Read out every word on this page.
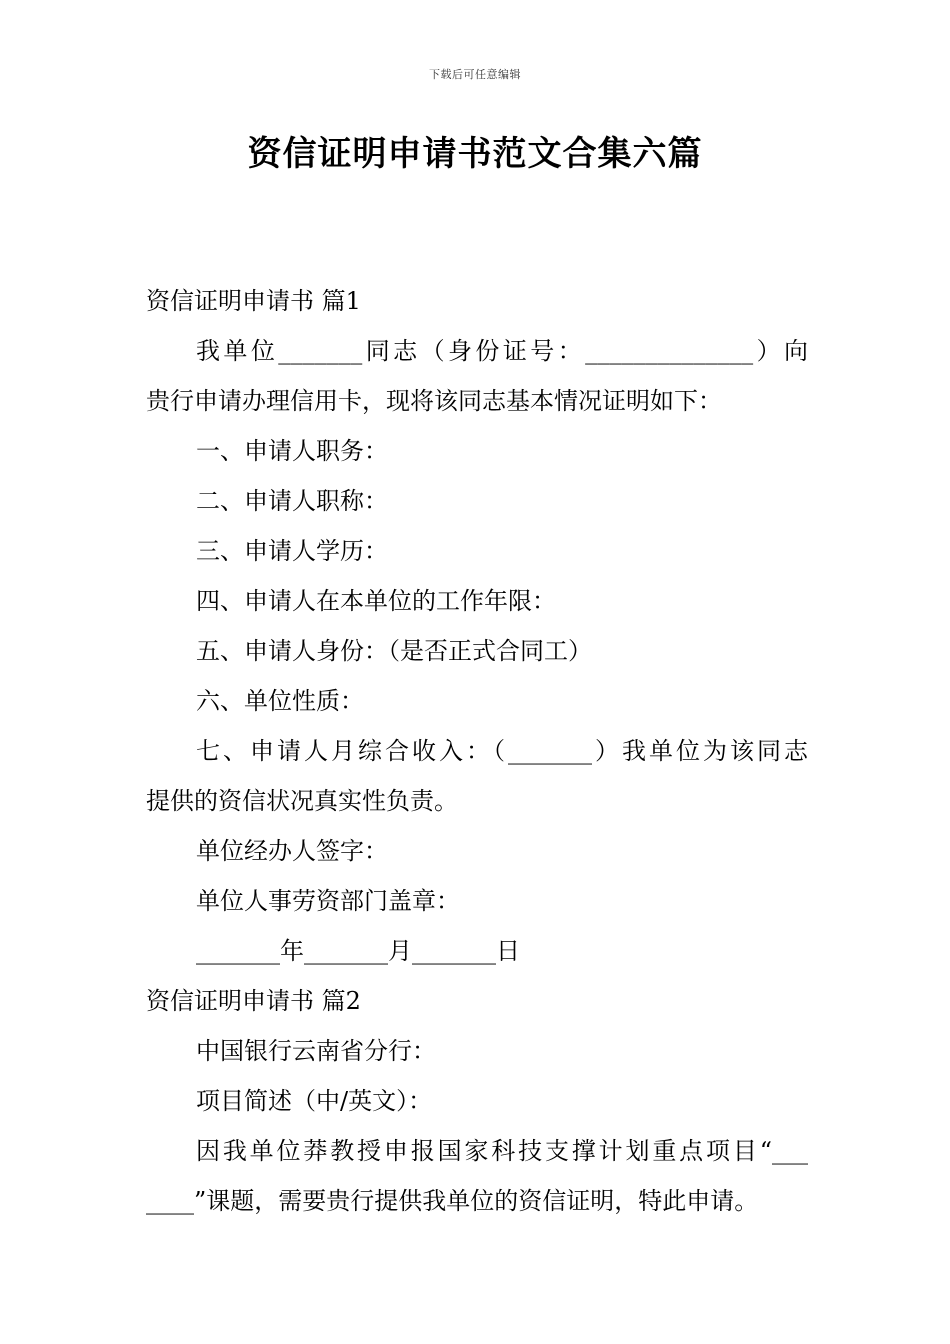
下载后可任意编辑
资信证明申请书范文合集六篇

资信证明申请书 篇1

我单位_______同志（身份证号：______________）向

贵行申请办理信用卡，现将该同志基本情况证明如下：

一、申请人职务：

二、申请人职称：

三、申请人学历：

四、申请人在本单位的工作年限：

五、申请人身份：（是否正式合同工）

六、单位性质：

七、申请人月综合收入：（_______）我单位为该同志

提供的资信状况真实性负责。

单位经办人签字：

单位人事劳资部门盖章：

_______年_______月_______日

资信证明申请书 篇2

中国银行云南省分行：

项目简述（中/英文）：

因我单位莽教授申报国家科技支撑计划重点项目“___

____”课题，需要贵行提供我单位的资信证明，特此申请。
